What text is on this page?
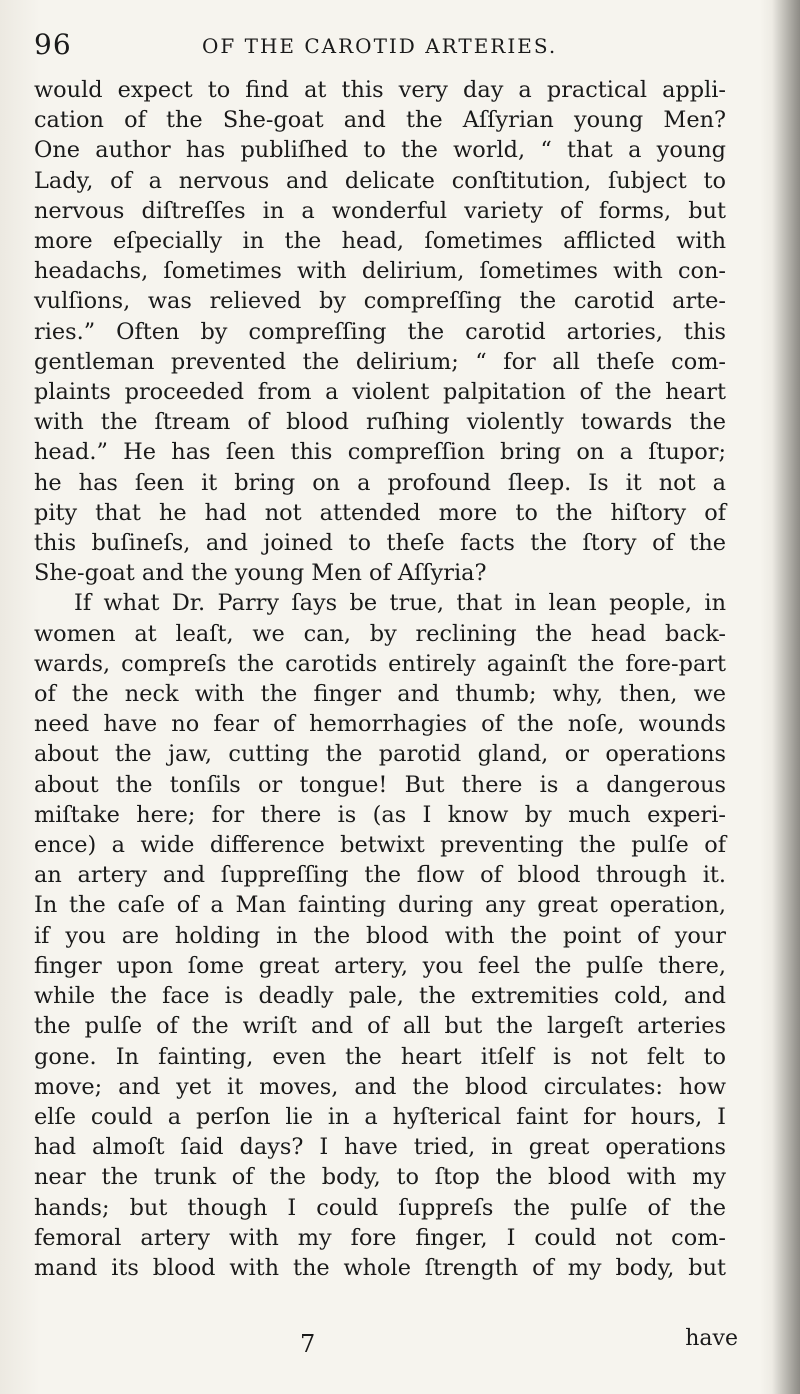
96	OF THE CAROTID ARTERIES.
would expect to find at this very day a practical appli-
cation of the She-goat and the Aſſyrian young Men?
One author has publiſhed to the world, “ that a young
Lady, of a nervous and delicate conſtitution, ſubject to
nervous diſtreſſes in a wonderful variety of forms, but
more eſpecially in the head, ſometimes afflicted with
headachs, ſometimes with delirium, ſometimes with con-
vulſions, was relieved by compreſſing the carotid arte-
ries.” Often by compreſſing the carotid artories, this
gentleman prevented the delirium; “ for all theſe com-
plaints proceeded from a violent palpitation of the heart
with the ſtream of blood ruſhing violently towards the
head.” He has ſeen this compreſſion bring on a ſtupor;
he has ſeen it bring on a profound ſleep. Is it not a
pity that he had not attended more to the hiſtory of
this buſineſs, and joined to theſe facts the ſtory of the
She-goat and the young Men of Aſſyria?
If what Dr. Parry ſays be true, that in lean people, in
women at leaſt, we can, by reclining the head back-
wards, compreſs the carotids entirely againſt the fore-part
of the neck with the finger and thumb; why, then, we
need have no fear of hemorrhagies of the noſe, wounds
about the jaw, cutting the parotid gland, or operations
about the tonſils or tongue! But there is a dangerous
miſtake here; for there is (as I know by much experi-
ence) a wide difference betwixt preventing the pulſe of
an artery and ſuppreſſing the flow of blood through it.
In the caſe of a Man fainting during any great operation,
if you are holding in the blood with the point of your
finger upon ſome great artery, you feel the pulſe there,
while the face is deadly pale, the extremities cold, and
the pulſe of the wriſt and of all but the largeſt arteries
gone. In fainting, even the heart itſelf is not felt to
move; and yet it moves, and the blood circulates: how
elſe could a perſon lie in a hyſterical faint for hours, I
had almoſt ſaid days? I have tried, in great operations
near the trunk of the body, to ſtop the blood with my
hands; but though I could ſuppreſs the pulſe of the
femoral artery with my fore finger, I could not com-
mand its blood with the whole ſtrength of my body, but
7	have
